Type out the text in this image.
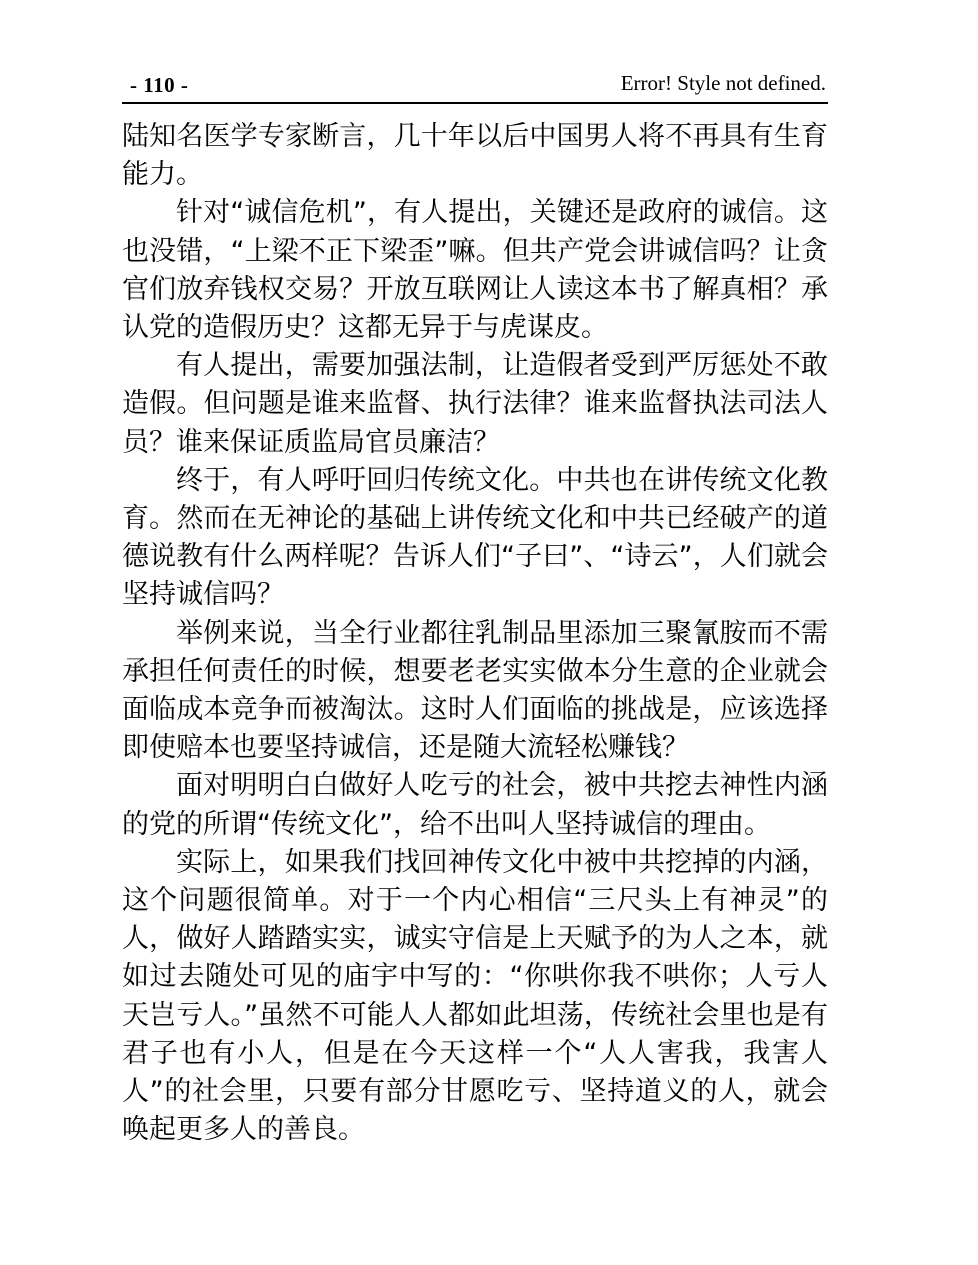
- 110 -	Error! Style not defined.

陆知名医学专家断言，几十年以后中国男人将不再具有生育能力。

针对“诚信危机”，有人提出，关键还是政府的诚信。这也没错，“上梁不正下梁歪”嘛。但共产党会讲诚信吗？让贪官们放弃钱权交易？开放互联网让人读这本书了解真相？承认党的造假历史？这都无异于与虎谋皮。

有人提出，需要加强法制，让造假者受到严厉惩处不敢造假。但问题是谁来监督、执行法律？谁来监督执法司法人员？谁来保证质监局官员廉洁？

终于，有人呼吁回归传统文化。中共也在讲传统文化教育。然而在无神论的基础上讲传统文化和中共已经破产的道德说教有什么两样呢？告诉人们“子曰”、“诗云”，人们就会坚持诚信吗？

举例来说，当全行业都往乳制品里添加三聚氰胺而不需承担任何责任的时候，想要老老实实做本分生意的企业就会面临成本竞争而被淘汰。这时人们面临的挑战是，应该选择即使赔本也要坚持诚信，还是随大流轻松赚钱？

面对明明白白做好人吃亏的社会，被中共挖去神性内涵的党的所谓“传统文化”，给不出叫人坚持诚信的理由。

实际上，如果我们找回神传文化中被中共挖掉的内涵，这个问题很简单。对于一个内心相信“三尺头上有神灵”的人，做好人踏踏实实，诚实守信是上天赋予的为人之本，就如过去随处可见的庙宇中写的：“你哄你我不哄你；人亏人天岂亏人。”虽然不可能人人都如此坦荡，传统社会里也是有君子也有小人，但是在今天这样一个“人人害我，我害人人”的社会里，只要有部分甘愿吃亏、坚持道义的人，就会唤起更多人的善良。
